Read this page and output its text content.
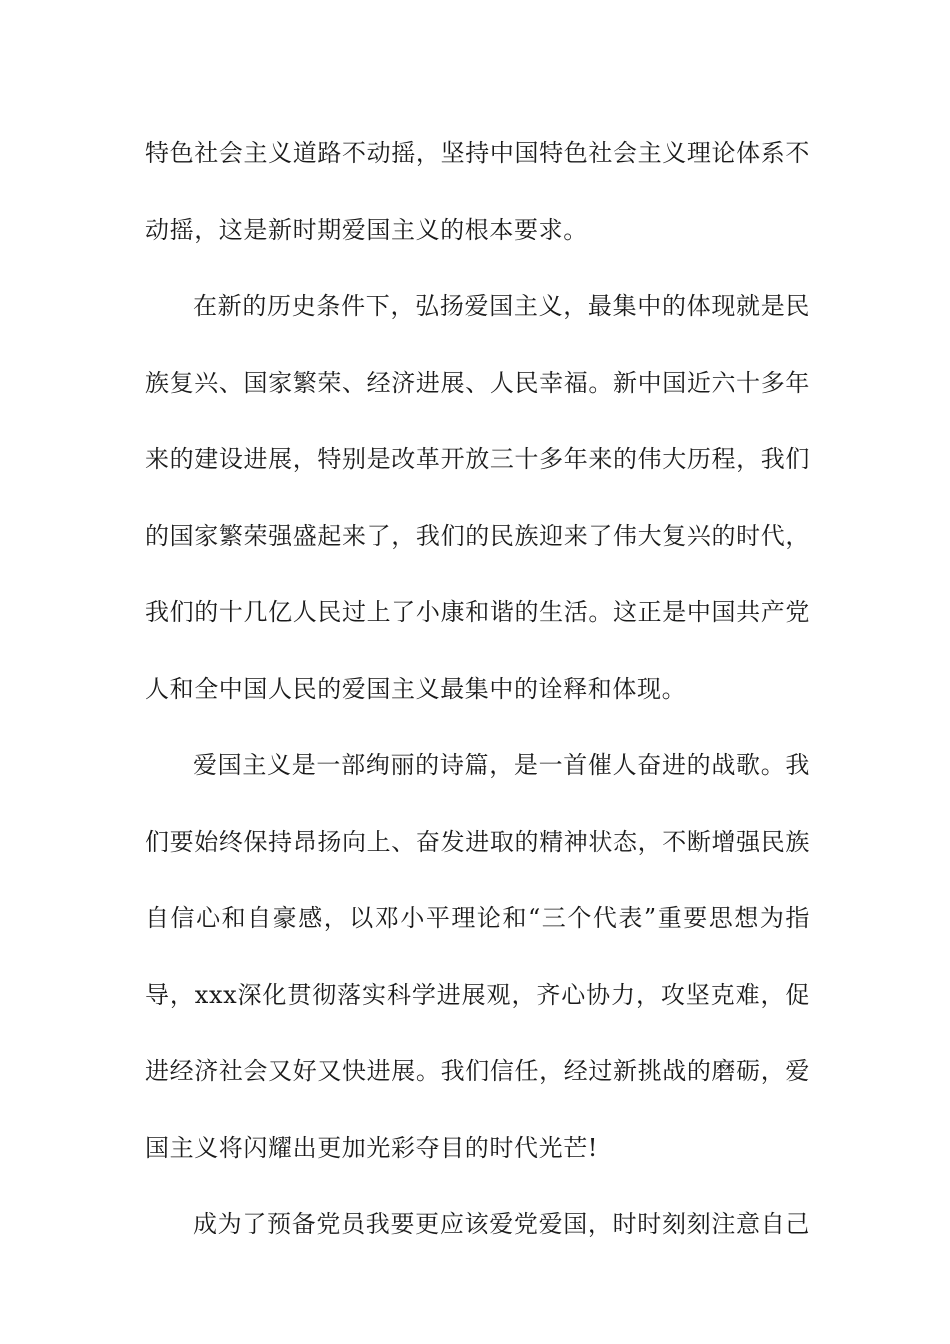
特色社会主义道路不动摇，坚持中国特色社会主义理论体系不
动摇，这是新时期爱国主义的根本要求。
在新的历史条件下，弘扬爱国主义，最集中的体现就是民
族复兴、国家繁荣、经济进展、人民幸福。新中国近六十多年
来的建设进展，特别是改革开放三十多年来的伟大历程，我们
的国家繁荣强盛起来了，我们的民族迎来了伟大复兴的时代，
我们的十几亿人民过上了小康和谐的生活。这正是中国共产党
人和全中国人民的爱国主义最集中的诠释和体现。
爱国主义是一部绚丽的诗篇，是一首催人奋进的战歌。我
们要始终保持昂扬向上、奋发进取的精神状态，不断增强民族
自信心和自豪感，以邓小平理论和“三个代表”重要思想为指
导，xxx深化贯彻落实科学进展观，齐心协力，攻坚克难，促
进经济社会又好又快进展。我们信任，经过新挑战的磨砺，爱
国主义将闪耀出更加光彩夺目的时代光芒!
成为了预备党员我要更应该爱党爱国，时时刻刻注意自己
